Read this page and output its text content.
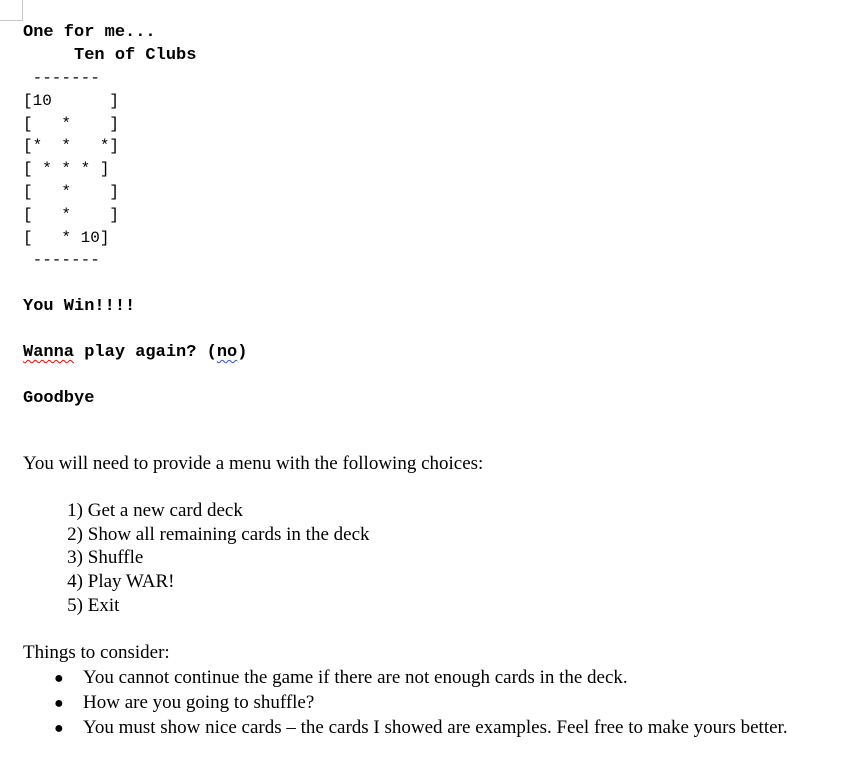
One for me...
Ten of Clubs
-------
[10      ]
[   *    ]
[*  *   *]
[ * * * ]
[   *    ]
[   *    ]
[   * 10]
-------
You Win!!!!
Wanna play again? (no)
Goodbye

You will need to provide a menu with the following choices:

1) Get a new card deck
2) Show all remaining cards in the deck
3) Shuffle
4) Play WAR!
5) Exit

Things to consider:

● You cannot continue the game if there are not enough cards in the deck.
● How are you going to shuffle?
● You must show nice cards – the cards I showed are examples. Feel free to make yours better.
